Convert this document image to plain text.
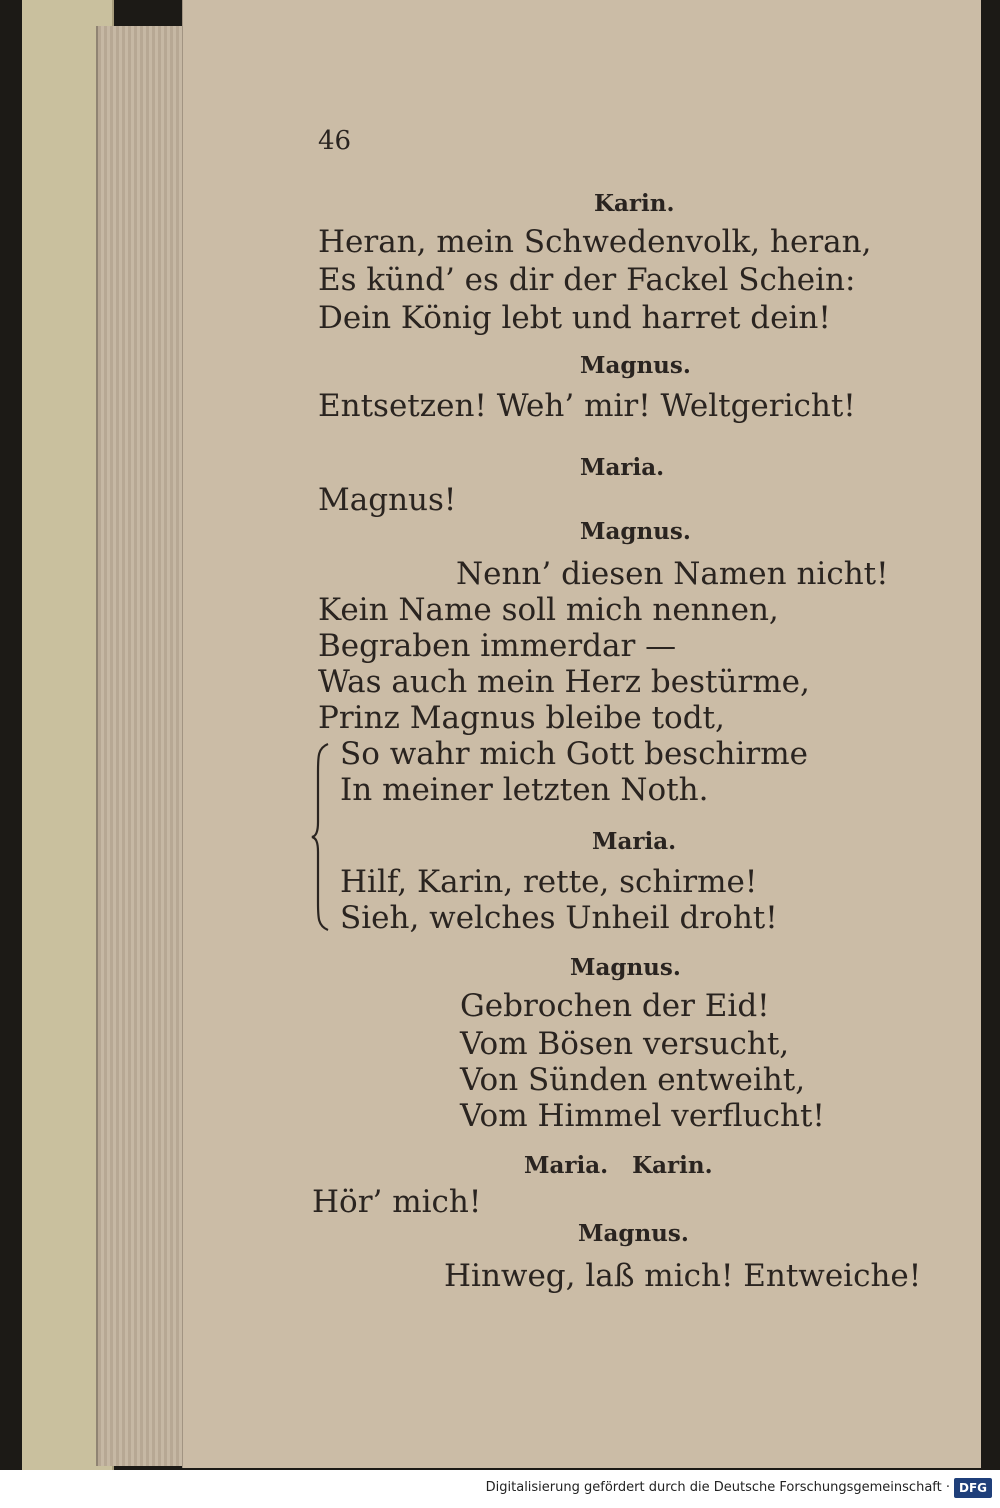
46
Karin.
Heran, mein Schwedenvolk, heran,
Es künd’ es dir der Fackel Schein:
Dein König lebt und harret dein!
Magnus.
Entsetzen! Weh’ mir! Weltgericht!
Maria.
Magnus!
Magnus.
Nenn’ diesen Namen nicht!
Kein Name soll mich nennen,
Begraben immerdar —
Was auch mein Herz bestürme,
Prinz Magnus bleibe todt,
So wahr mich Gott beschirme
In meiner letzten Noth.
Maria.
Hilf, Karin, rette, schirme!
Sieh, welches Unheil droht!
Magnus.
Gebrochen der Eid!
Vom Bösen versucht,
Von Sünden entweiht,
Vom Himmel verflucht!
Maria.   Karin.
Hör’ mich!
Magnus.
Hinweg, laß mich! Entweiche!
Digitalisierung gefördert durch die Deutsche Forschungsgemeinschaft · DFG
